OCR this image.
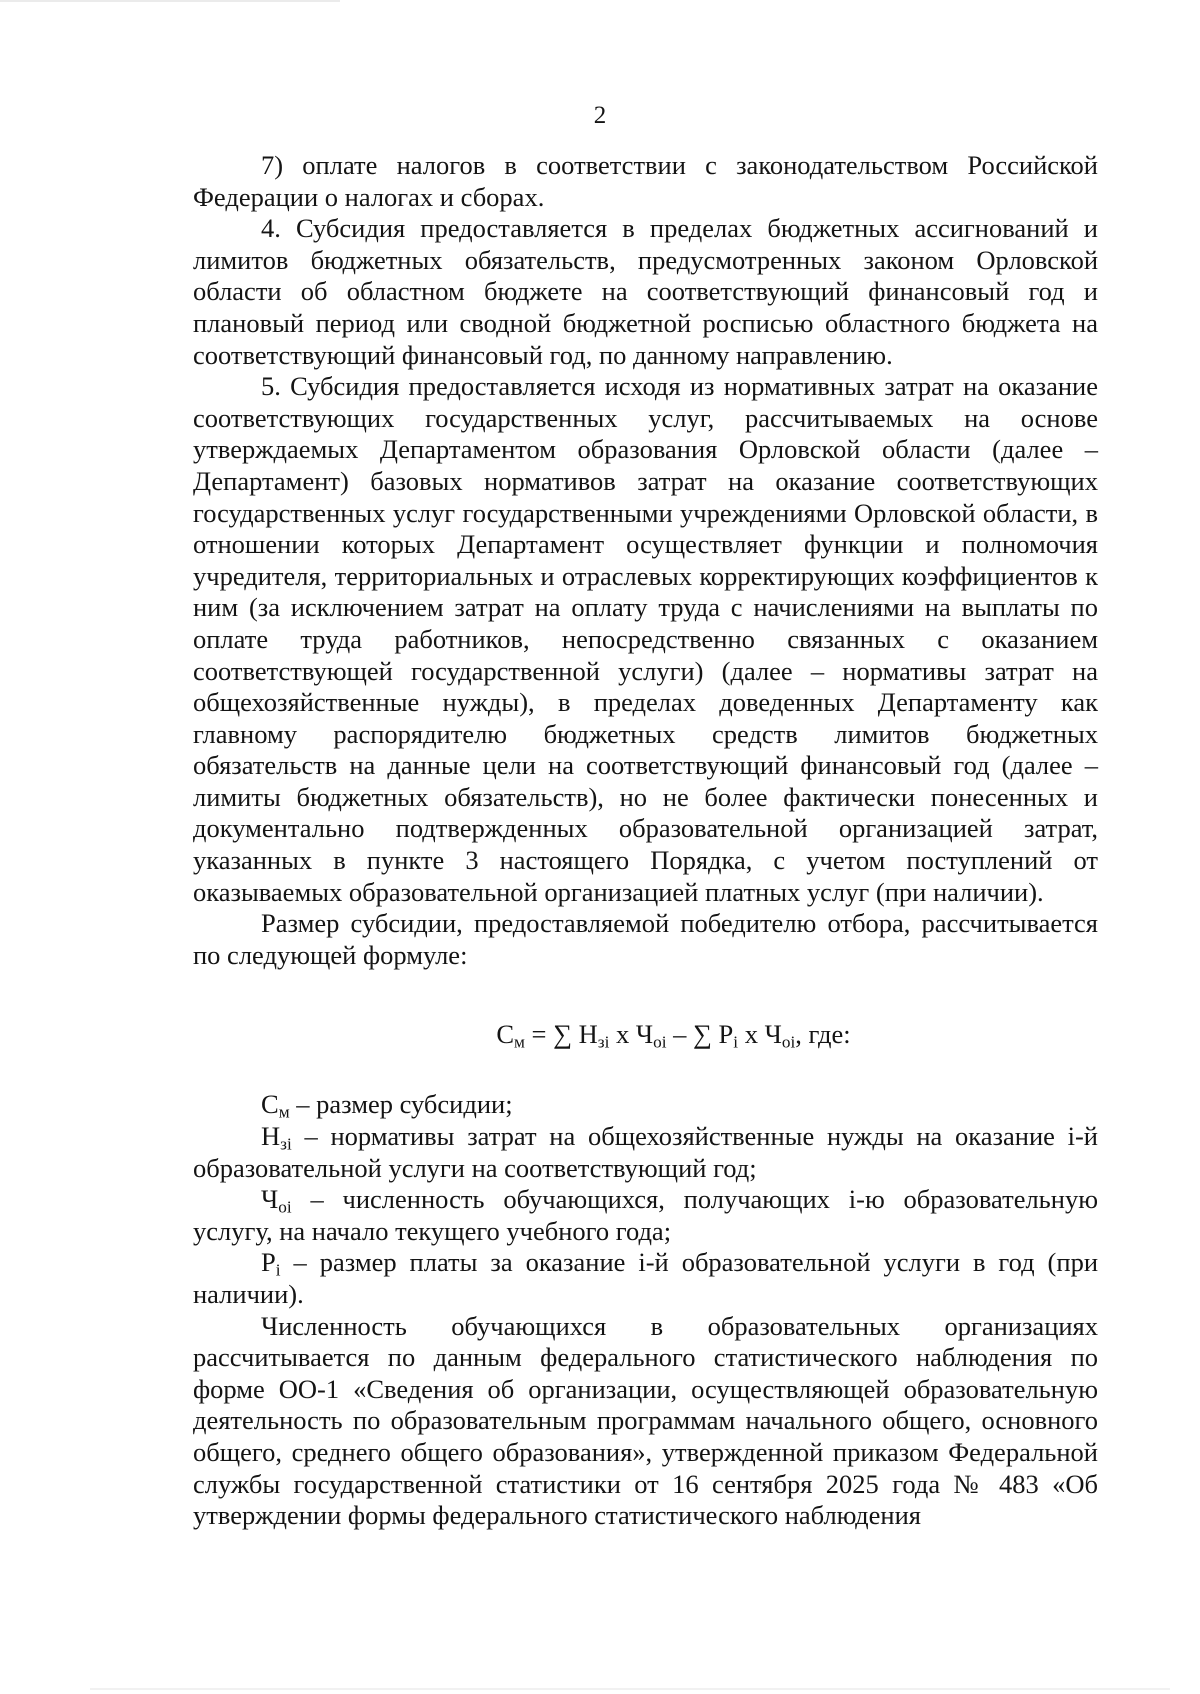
2

7) оплате налогов в соответствии с законодательством Российской Федерации о налогах и сборах.

4. Субсидия предоставляется в пределах бюджетных ассигнований и лимитов бюджетных обязательств, предусмотренных законом Орловской области об областном бюджете на соответствующий финансовый год и плановый период или сводной бюджетной росписью областного бюджета на соответствующий финансовый год, по данному направлению.

5. Субсидия предоставляется исходя из нормативных затрат на оказание соответствующих государственных услуг, рассчитываемых на основе утверждаемых Департаментом образования Орловской области (далее – Департамент) базовых нормативов затрат на оказание соответствующих государственных услуг государственными учреждениями Орловской области, в отношении которых Департамент осуществляет функции и полномочия учредителя, территориальных и отраслевых корректирующих коэффициентов к ним (за исключением затрат на оплату труда с начислениями на выплаты по оплате труда работников, непосредственно связанных с оказанием соответствующей государственной услуги) (далее – нормативы затрат на общехозяйственные нужды), в пределах доведенных Департаменту как главному распорядителю бюджетных средств лимитов бюджетных обязательств на данные цели на соответствующий финансовый год (далее – лимиты бюджетных обязательств), но не более фактически понесенных и документально подтвержденных образовательной организацией затрат, указанных в пункте 3 настоящего Порядка, с учетом поступлений от оказываемых образовательной организацией платных услуг (при наличии).

Размер субсидии, предоставляемой победителю отбора, рассчитывается по следующей формуле:

$С_м$ = ∑ $Н_{зi}$ x $Ч_{оi}$ – ∑ $Р_i$ x $Ч_{оi}$, где:

$С_м$ – размер субсидии;

$Н_{зi}$ – нормативы затрат на общехозяйственные нужды на оказание i-й образовательной услуги на соответствующий год;

$Ч_{оi}$ – численность обучающихся, получающих i-ю образовательную услугу, на начало текущего учебного года;

$Р_i$ – размер платы за оказание i-й образовательной услуги в год (при наличии).

Численность обучающихся в образовательных организациях рассчитывается по данным федерального статистического наблюдения по форме ОО-1 «Сведения об организации, осуществляющей образовательную деятельность по образовательным программам начального общего, основного общего, среднего общего образования», утвержденной приказом Федеральной службы государственной статистики от 16 сентября 2025 года № 483 «Об утверждении формы федерального статистического наблюдения
